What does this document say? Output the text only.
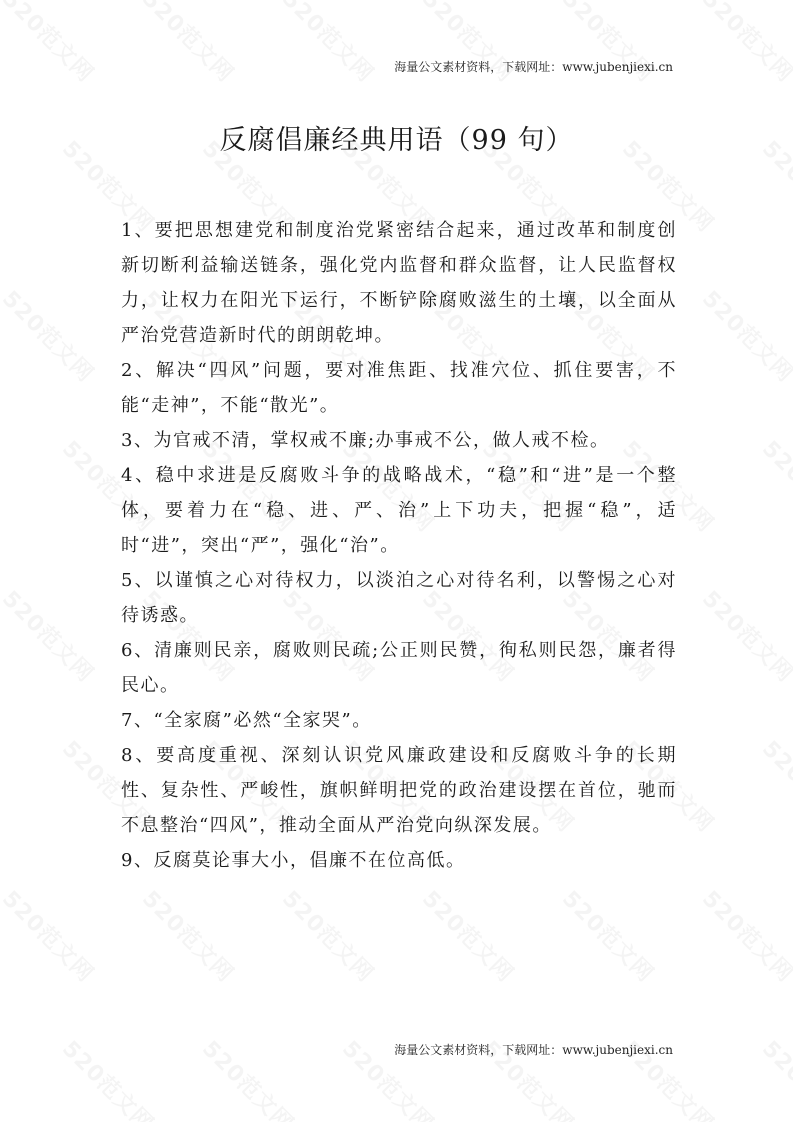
海量公文素材资料，下载网址：www.jubenjiexi.cn
反腐倡廉经典用语（99 句）

1、要把思想建党和制度治党紧密结合起来，通过改革和制度创新切断利益输送链条，强化党内监督和群众监督，让人民监督权力，让权力在阳光下运行，不断铲除腐败滋生的土壤，以全面从严治党营造新时代的朗朗乾坤。

2、解决“四风”问题，要对准焦距、找准穴位、抓住要害，不能“走神”，不能“散光”。

3、为官戒不清，掌权戒不廉;办事戒不公，做人戒不检。

4、稳中求进是反腐败斗争的战略战术，“稳”和“进”是一个整体，要着力在“稳、进、严、治”上下功夫，把握“稳”，适时“进”，突出“严”，强化“治”。

5、以谨慎之心对待权力，以淡泊之心对待名利，以警惕之心对待诱惑。

6、清廉则民亲，腐败则民疏;公正则民赞，徇私则民怨，廉者得民心。

7、“全家腐”必然“全家哭”。

8、要高度重视、深刻认识党风廉政建设和反腐败斗争的长期性、复杂性、严峻性，旗帜鲜明把党的政治建设摆在首位，驰而不息整治“四风”，推动全面从严治党向纵深发展。

9、反腐莫论事大小，倡廉不在位高低。

海量公文素材资料，下载网址：www.jubenjiexi.cn
